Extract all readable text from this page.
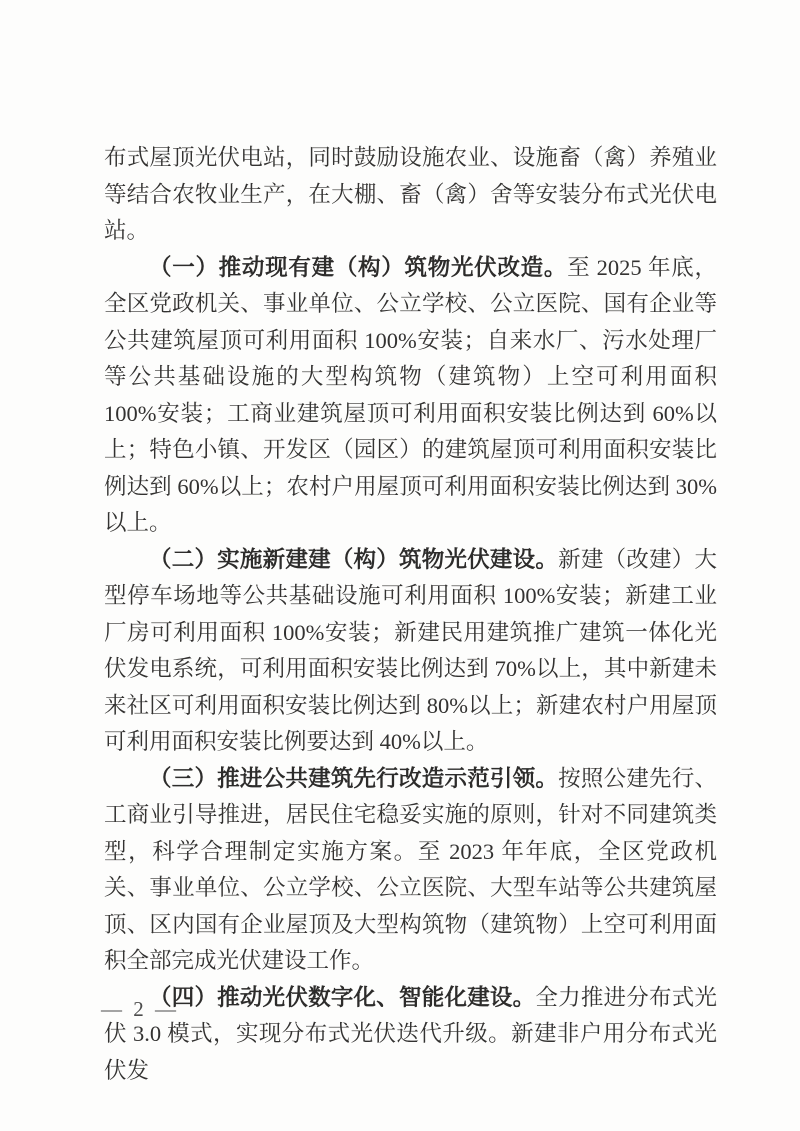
布式屋顶光伏电站，同时鼓励设施农业、设施畜（禽）养殖业等结合农牧业生产，在大棚、畜（禽）舍等安装分布式光伏电站。

（一）推动现有建（构）筑物光伏改造。至 2025 年底，全区党政机关、事业单位、公立学校、公立医院、国有企业等公共建筑屋顶可利用面积 100%安装；自来水厂、污水处理厂等公共基础设施的大型构筑物（建筑物）上空可利用面积 100%安装；工商业建筑屋顶可利用面积安装比例达到 60%以上；特色小镇、开发区（园区）的建筑屋顶可利用面积安装比例达到 60%以上；农村户用屋顶可利用面积安装比例达到 30%以上。

（二）实施新建建（构）筑物光伏建设。新建（改建）大型停车场地等公共基础设施可利用面积 100%安装；新建工业厂房可利用面积 100%安装；新建民用建筑推广建筑一体化光伏发电系统，可利用面积安装比例达到 70%以上，其中新建未来社区可利用面积安装比例达到 80%以上；新建农村户用屋顶可利用面积安装比例要达到 40%以上。

（三）推进公共建筑先行改造示范引领。按照公建先行、工商业引导推进，居民住宅稳妥实施的原则，针对不同建筑类型，科学合理制定实施方案。至 2023 年年底，全区党政机关、事业单位、公立学校、公立医院、大型车站等公共建筑屋顶、区内国有企业屋顶及大型构筑物（建筑物）上空可利用面积全部完成光伏建设工作。

（四）推动光伏数字化、智能化建设。全力推进分布式光伏 3.0 模式，实现分布式光伏迭代升级。新建非户用分布式光伏发

— 2 —
